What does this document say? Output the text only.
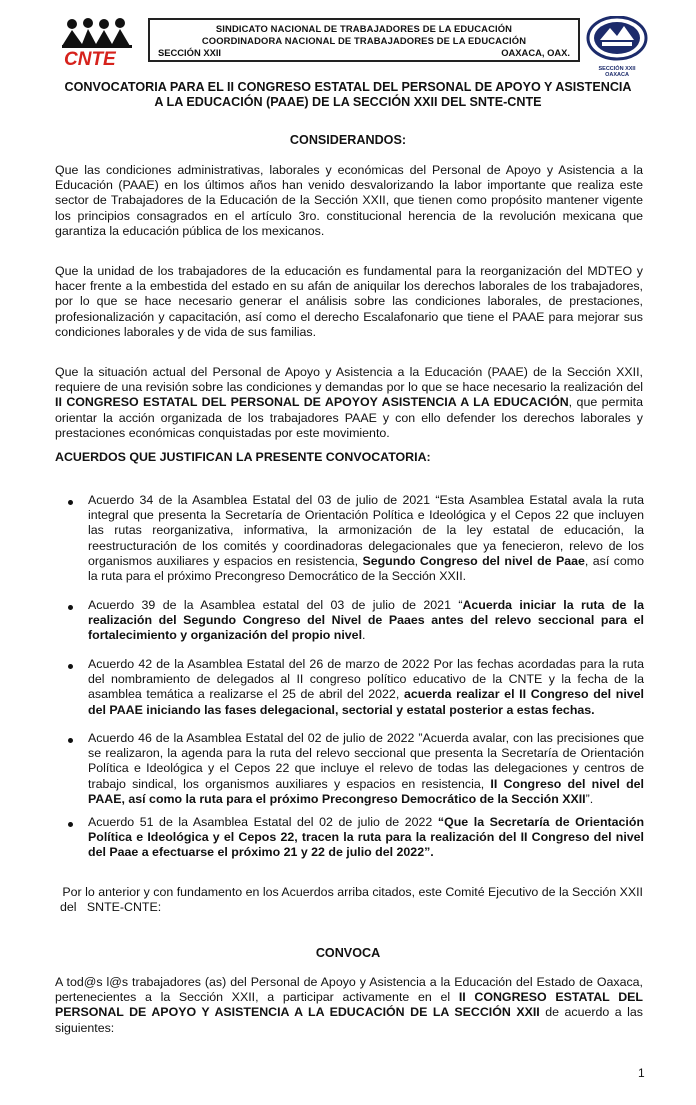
CNTE
SINDICATO NACIONAL DE TRABAJADORES DE LA EDUCACIÓN
COORDINADORA NACIONAL DE TRABAJADORES DE LA EDUCACIÓN
SECCIÓN XXII	OAXACA, OAX.
SECCIÓN XXII
OAXACA
CONVOCATORIA PARA EL II CONGRESO ESTATAL DEL PERSONAL DE APOYO Y ASISTENCIA A LA EDUCACIÓN (PAAE) DE LA SECCIÓN XXII DEL SNTE-CNTE
CONSIDERANDOS:
Que las condiciones administrativas, laborales y económicas del Personal de Apoyo y Asistencia a la Educación (PAAE) en los últimos años han venido desvalorizando la labor importante que realiza este sector de Trabajadores de la Educación de la Sección XXII, que tienen como propósito mantener vigente los principios consagrados en el artículo 3ro. constitucional herencia de la revolución mexicana que garantiza la educación pública de los mexicanos.
Que la unidad de los trabajadores de la educación es fundamental para la reorganización del MDTEO y hacer frente a la embestida del estado en su afán de aniquilar los derechos laborales de los trabajadores, por lo que se hace necesario generar el análisis sobre las condiciones laborales, de prestaciones, profesionalización y capacitación, así como el derecho Escalafonario que tiene el PAAE para mejorar sus condiciones laborales y de vida de sus familias.
Que la situación actual del Personal de Apoyo y Asistencia a la Educación (PAAE) de la Sección XXII, requiere de una revisión sobre las condiciones y demandas por lo que se hace necesario la realización del II CONGRESO ESTATAL DEL PERSONAL DE APOYOY ASISTENCIA A LA EDUCACIÓN, que permita orientar la acción organizada de los trabajadores PAAE y con ello defender los derechos laborales y prestaciones económicas conquistadas por este movimiento.
ACUERDOS QUE JUSTIFICAN LA PRESENTE CONVOCATORIA:
Acuerdo 34 de la Asamblea Estatal del 03 de julio de 2021 “Esta Asamblea Estatal avala la ruta integral que presenta la Secretaría de Orientación Política e Ideológica y el Cepos 22 que incluyen las rutas reorganizativa, informativa, la armonización de la ley estatal de educación, la reestructuración de los comités y coordinadoras delegacionales que ya fenecieron, relevo de los organismos auxiliares y espacios en resistencia, Segundo Congreso del nivel de Paae, así como la ruta para el próximo Precongreso Democrático de la Sección XXII.
Acuerdo 39 de la Asamblea estatal del 03 de julio de 2021 “Acuerda iniciar la ruta de la realización del Segundo Congreso del Nivel de Paaes antes del relevo seccional para el fortalecimiento y organización del propio nivel.
Acuerdo 42 de la Asamblea Estatal del 26 de marzo de 2022 Por las fechas acordadas para la ruta del nombramiento de delegados al II congreso político educativo de la CNTE y la fecha de la asamblea temática a realizarse el 25 de abril del 2022, acuerda realizar el II Congreso del nivel del PAAE iniciando las fases delegacional, sectorial y estatal posterior a estas fechas.
Acuerdo 46 de la Asamblea Estatal del 02 de julio de 2022 ”Acuerda avalar, con las precisiones que se realizaron, la agenda para la ruta del relevo seccional que presenta la Secretaría de Orientación Política e Ideológica y el Cepos 22 que incluye el relevo de todas las delegaciones y centros de trabajo sindical, los organismos auxiliares y espacios en resistencia, II Congreso del nivel del PAAE, así como la ruta para el próximo Precongreso Democrático de la Sección XXII”.
Acuerdo 51 de la Asamblea Estatal del 02 de julio de 2022 “Que la Secretaría de Orientación Política e Ideológica y el Cepos 22, tracen la ruta para la realización del II Congreso del nivel del Paae a efectuarse el próximo 21 y 22 de julio del 2022”.
Por lo anterior y con fundamento en los Acuerdos arriba citados, este Comité Ejecutivo de la Sección XXII
del   SNTE-CNTE:
CONVOCA
A tod@s l@s trabajadores (as) del Personal de Apoyo y Asistencia a la Educación del Estado de Oaxaca, pertenecientes a la Sección XXII, a participar activamente en el II CONGRESO ESTATAL DEL PERSONAL DE APOYO Y ASISTENCIA A LA EDUCACIÓN DE LA SECCIÓN XXII de acuerdo a las siguientes:
1
